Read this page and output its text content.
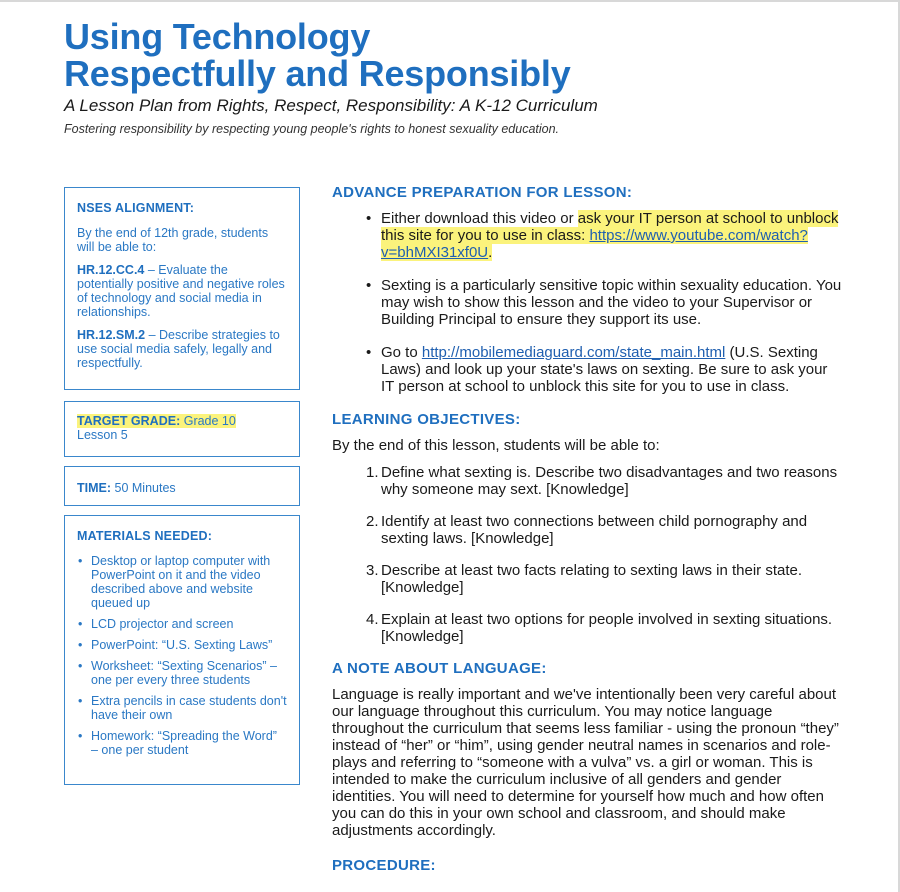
Using Technology
Respectfully and Responsibly
A Lesson Plan from Rights, Respect, Responsibility: A K-12 Curriculum
Fostering responsibility by respecting young people's rights to honest sexuality education.
NSES ALIGNMENT:

By the end of 12th grade, students will be able to:

HR.12.CC.4 – Evaluate the potentially positive and negative roles of technology and social media in relationships.

HR.12.SM.2 – Describe strategies to use social media safely, legally and respectfully.

TARGET GRADE: Grade 10
Lesson 5
TIME: 50 Minutes
MATERIALS NEEDED:
• Desktop or laptop computer with PowerPoint on it and the video described above and website queued up
• LCD projector and screen
• PowerPoint: “U.S. Sexting Laws”
• Worksheet: “Sexting Scenarios” – one per every three students
• Extra pencils in case students don't have their own
• Homework: “Spreading the Word” – one per student
ADVANCE PREPARATION FOR LESSON:
• Either download this video or ask your IT person at school to unblock this site for you to use in class: https://www.youtube.com/watch?v=bhMXI31xf0U.
• Sexting is a particularly sensitive topic within sexuality education. You may wish to show this lesson and the video to your Supervisor or Building Principal to ensure they support its use.
• Go to http://mobilemediaguard.com/state_main.html (U.S. Sexting Laws) and look up your state's laws on sexting. Be sure to ask your IT person at school to unblock this site for you to use in class.
LEARNING OBJECTIVES:
By the end of this lesson, students will be able to:
1. Define what sexting is. Describe two disadvantages and two reasons why someone may sext. [Knowledge]
2. Identify at least two connections between child pornography and sexting laws. [Knowledge]
3. Describe at least two facts relating to sexting laws in their state. [Knowledge]
4. Explain at least two options for people involved in sexting situations. [Knowledge]
A NOTE ABOUT LANGUAGE:
Language is really important and we've intentionally been very careful about our language throughout this curriculum. You may notice language throughout the curriculum that seems less familiar - using the pronoun “they” instead of “her” or “him”, using gender neutral names in scenarios and role-plays and referring to “someone with a vulva” vs. a girl or woman. This is intended to make the curriculum inclusive of all genders and gender identities. You will need to determine for yourself how much and how often you can do this in your own school and classroom, and should make adjustments accordingly.
PROCEDURE:
